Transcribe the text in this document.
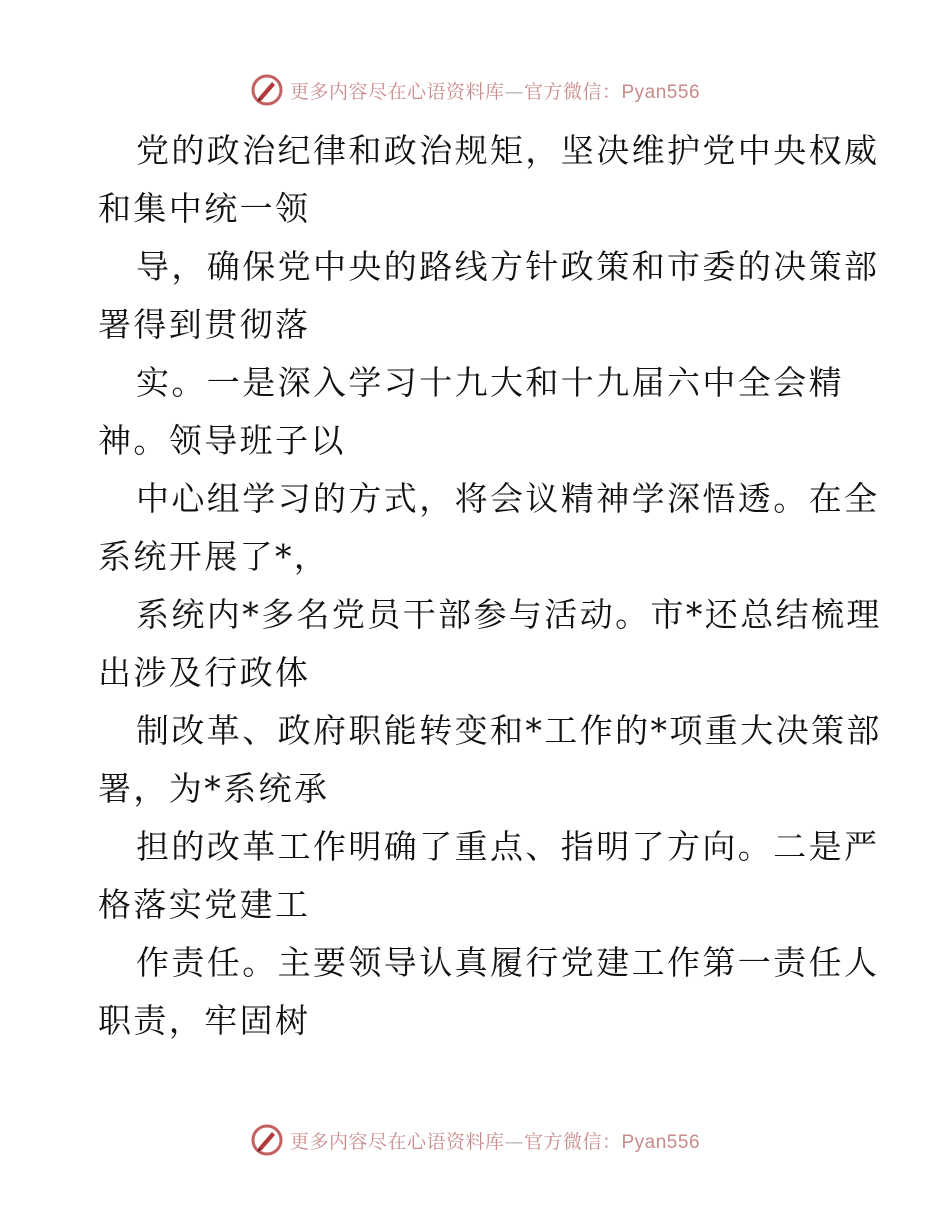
更多内容尽在心语资料库—官方微信：Pyan556

党的政治纪律和政治规矩，坚决维护党中央权威
和集中统一领

导，确保党中央的路线方针政策和市委的决策部
署得到贯彻落

实。一是深入学习十九大和十九届六中全会精
神。领导班子以

中心组学习的方式，将会议精神学深悟透。在全
系统开展了*，

系统内*多名党员干部参与活动。市*还总结梳理
出涉及行政体

制改革、政府职能转变和*工作的*项重大决策部
署，为*系统承

担的改革工作明确了重点、指明了方向。二是严
格落实党建工

作责任。主要领导认真履行党建工作第一责任人
职责，牢固树

更多内容尽在心语资料库—官方微信：Pyan556
